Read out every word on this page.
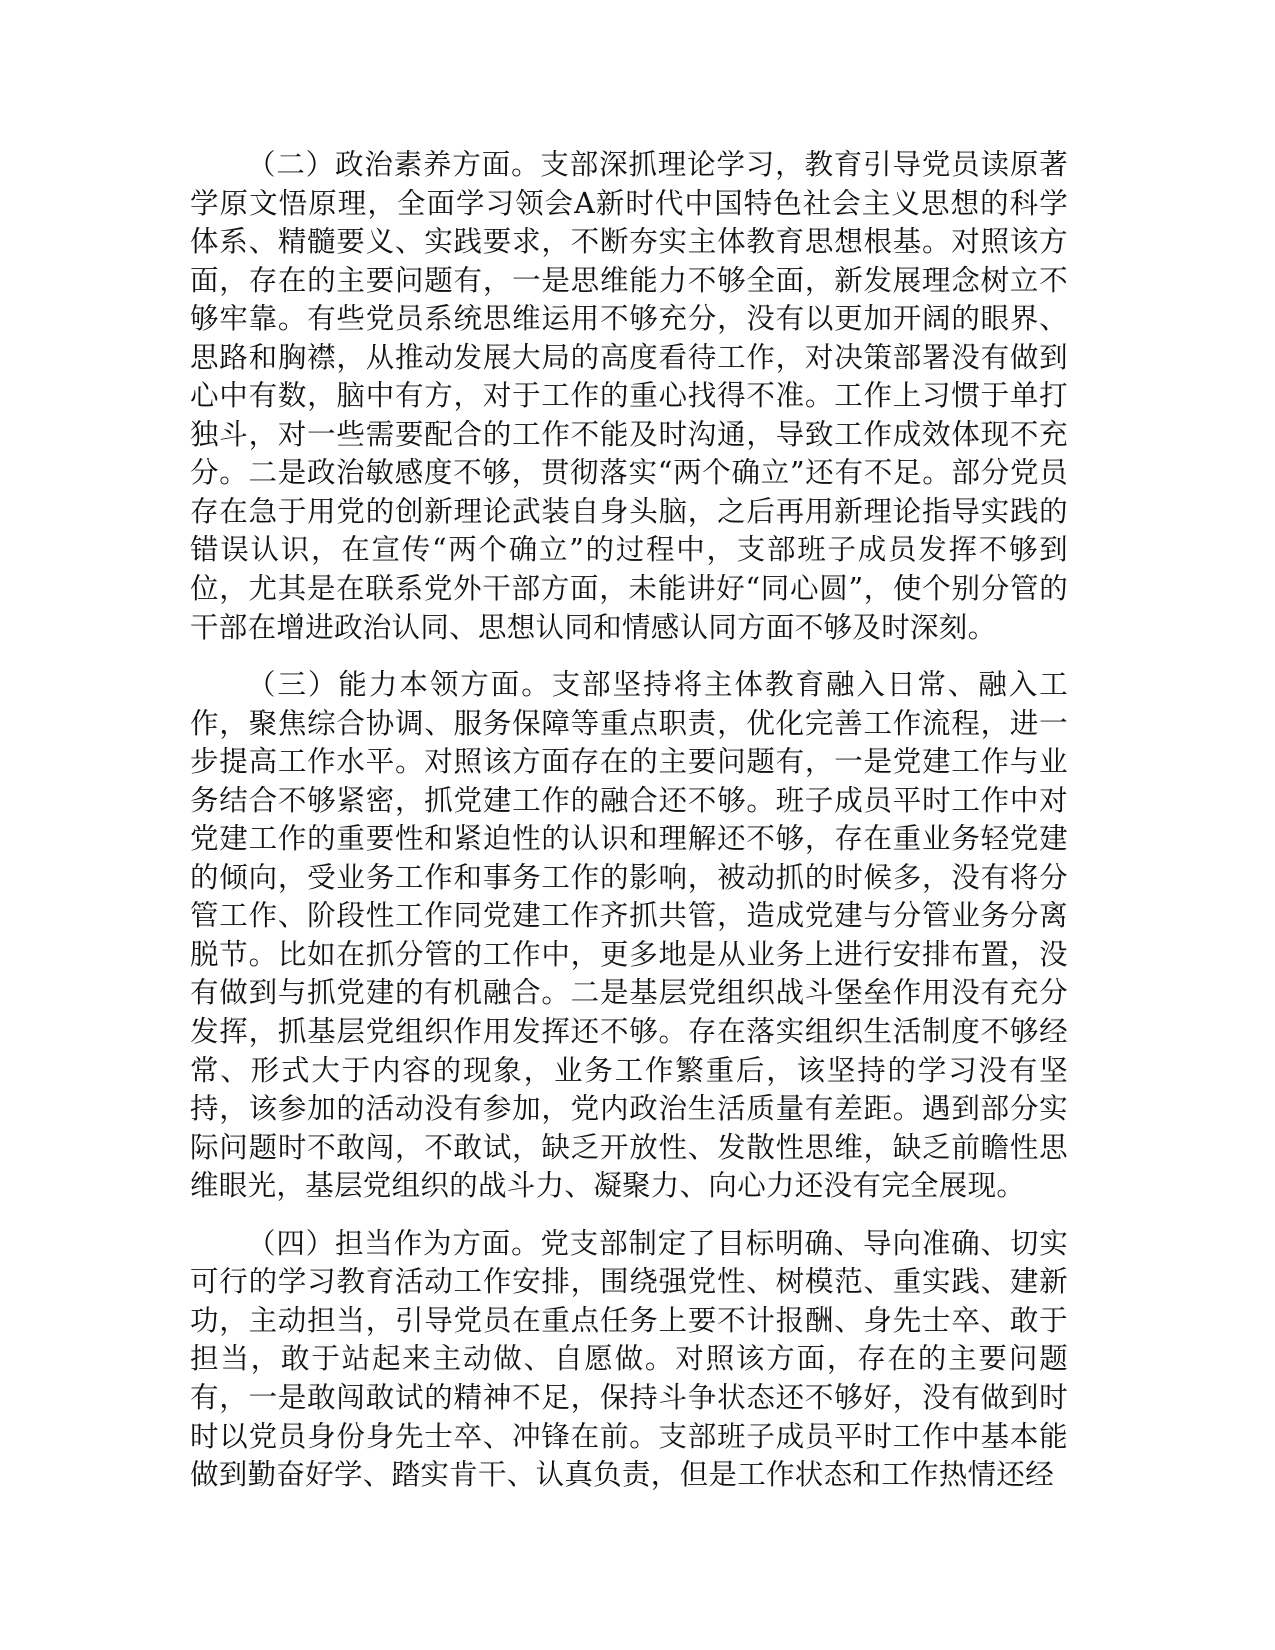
（二）政治素养方面。支部深抓理论学习，教育引导党员读原著学原文悟原理，全面学习领会A新时代中国特色社会主义思想的科学体系、精髓要义、实践要求，不断夯实主体教育思想根基。对照该方面，存在的主要问题有，一是思维能力不够全面，新发展理念树立不够牢靠。有些党员系统思维运用不够充分，没有以更加开阔的眼界、思路和胸襟，从推动发展大局的高度看待工作，对决策部署没有做到心中有数，脑中有方，对于工作的重心找得不准。工作上习惯于单打独斗，对一些需要配合的工作不能及时沟通，导致工作成效体现不充分。二是政治敏感度不够，贯彻落实“两个确立”还有不足。部分党员存在急于用党的创新理论武装自身头脑，之后再用新理论指导实践的错误认识，在宣传“两个确立”的过程中，支部班子成员发挥不够到位，尤其是在联系党外干部方面，未能讲好“同心圆”，使个别分管的干部在增进政治认同、思想认同和情感认同方面不够及时深刻。

（三）能力本领方面。支部坚持将主体教育融入日常、融入工作，聚焦综合协调、服务保障等重点职责，优化完善工作流程，进一步提高工作水平。对照该方面存在的主要问题有，一是党建工作与业务结合不够紧密，抓党建工作的融合还不够。班子成员平时工作中对党建工作的重要性和紧迫性的认识和理解还不够，存在重业务轻党建的倾向，受业务工作和事务工作的影响，被动抓的时候多，没有将分管工作、阶段性工作同党建工作齐抓共管，造成党建与分管业务分离脱节。比如在抓分管的工作中，更多地是从业务上进行安排布置，没有做到与抓党建的有机融合。二是基层党组织战斗堡垒作用没有充分发挥，抓基层党组织作用发挥还不够。存在落实组织生活制度不够经常、形式大于内容的现象，业务工作繁重后，该坚持的学习没有坚持，该参加的活动没有参加，党内政治生活质量有差距。遇到部分实际问题时不敢闯，不敢试，缺乏开放性、发散性思维，缺乏前瞻性思维眼光，基层党组织的战斗力、凝聚力、向心力还没有完全展现。

（四）担当作为方面。党支部制定了目标明确、导向准确、切实可行的学习教育活动工作安排，围绕强党性、树模范、重实践、建新功，主动担当，引导党员在重点任务上要不计报酬、身先士卒、敢于担当，敢于站起来主动做、自愿做。对照该方面，存在的主要问题有，一是敢闯敢试的精神不足，保持斗争状态还不够好，没有做到时时以党员身份身先士卒、冲锋在前。支部班子成员平时工作中基本能做到勤奋好学、踏实肯干、认真负责，但是工作状态和工作热情还经
